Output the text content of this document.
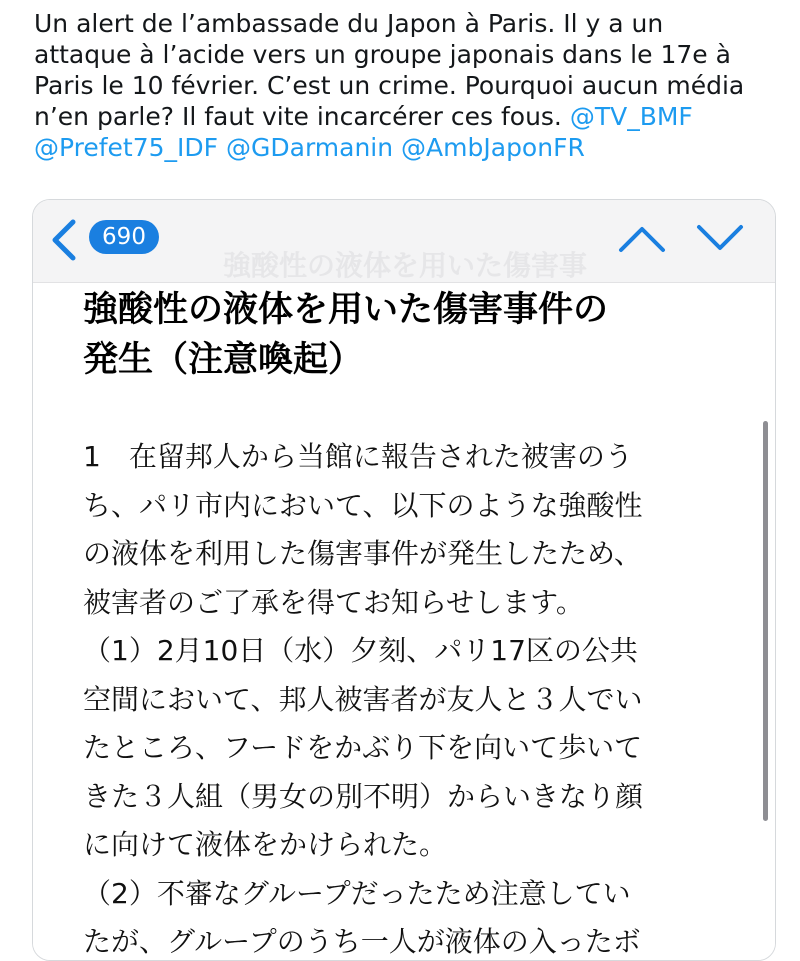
Un alert de l’ambassade du Japon à Paris. Il y a un
attaque à l’acide vers un groupe japonais dans le 17e à
Paris le 10 février. C’est un crime. Pourquoi aucun média
n’en parle? Il faut vite incarcérer ces fous. @TV_BMF
@Prefet75_IDF @GDarmanin @AmbJaponFR
強酸性の液体を用いた傷害事
690
強酸性の液体を用いた傷害事件の
発生（注意喚起）
1　在留邦人から当館に報告された被害のう
ち、パリ市内において、以下のような強酸性
の液体を利用した傷害事件が発生したため、
被害者のご了承を得てお知らせします。
（1）2月10日（水）夕刻、パリ17区の公共
空間において、邦人被害者が友人と３人でい
たところ、フードをかぶり下を向いて歩いて
きた３人組（男女の別不明）からいきなり顔
に向けて液体をかけられた。
（2）不審なグループだったため注意してい
たが、グループのうち一人が液体の入ったボ
